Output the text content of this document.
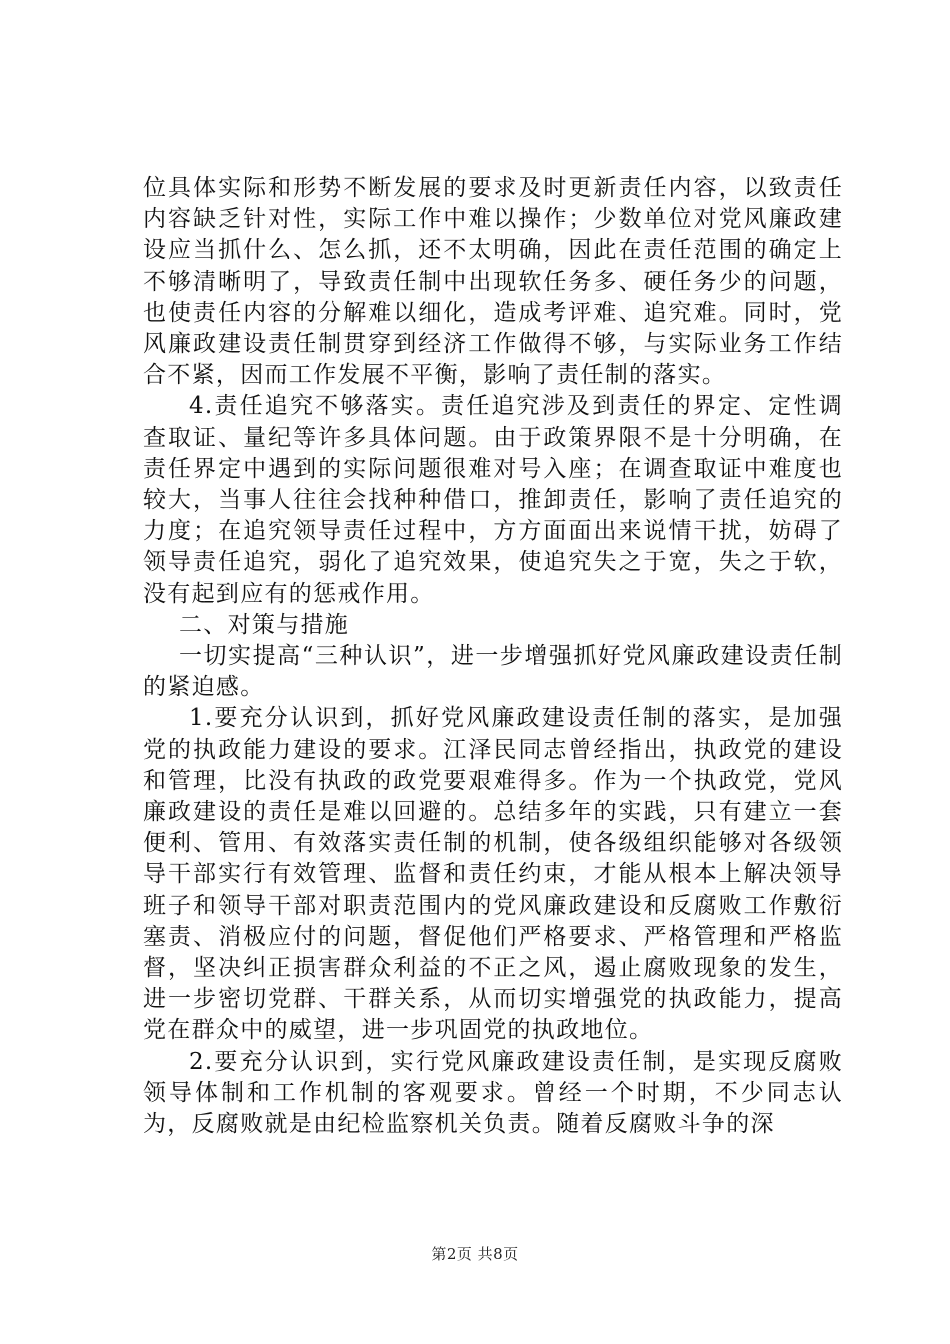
位具体实际和形势不断发展的要求及时更新责任内容，以致责任内容缺乏针对性，实际工作中难以操作；少数单位对党风廉政建设应当抓什么、怎么抓，还不太明确，因此在责任范围的确定上不够清晰明了，导致责任制中出现软任务多、硬任务少的问题，也使责任内容的分解难以细化，造成考评难、追究难。同时，党风廉政建设责任制贯穿到经济工作做得不够，与实际业务工作结合不紧，因而工作发展不平衡，影响了责任制的落实。

4.责任追究不够落实。责任追究涉及到责任的界定、定性调查取证、量纪等许多具体问题。由于政策界限不是十分明确，在责任界定中遇到的实际问题很难对号入座；在调查取证中难度也较大，当事人往往会找种种借口，推卸责任，影响了责任追究的力度；在追究领导责任过程中，方方面面出来说情干扰，妨碍了领导责任追究，弱化了追究效果，使追究失之于宽，失之于软，没有起到应有的惩戒作用。

二、对策与措施

一切实提高“三种认识”，进一步增强抓好党风廉政建设责任制的紧迫感。

1.要充分认识到，抓好党风廉政建设责任制的落实，是加强党的执政能力建设的要求。江泽民同志曾经指出，执政党的建设和管理，比没有执政的政党要艰难得多。作为一个执政党，党风廉政建设的责任是难以回避的。总结多年的实践，只有建立一套便利、管用、有效落实责任制的机制，使各级组织能够对各级领导干部实行有效管理、监督和责任约束，才能从根本上解决领导班子和领导干部对职责范围内的党风廉政建设和反腐败工作敷衍塞责、消极应付的问题，督促他们严格要求、严格管理和严格监督，坚决纠正损害群众利益的不正之风，遏止腐败现象的发生，进一步密切党群、干群关系，从而切实增强党的执政能力，提高党在群众中的威望，进一步巩固党的执政地位。

2.要充分认识到，实行党风廉政建设责任制，是实现反腐败领导体制和工作机制的客观要求。曾经一个时期，不少同志认为，反腐败就是由纪检监察机关负责。随着反腐败斗争的深

第2页 共8页
